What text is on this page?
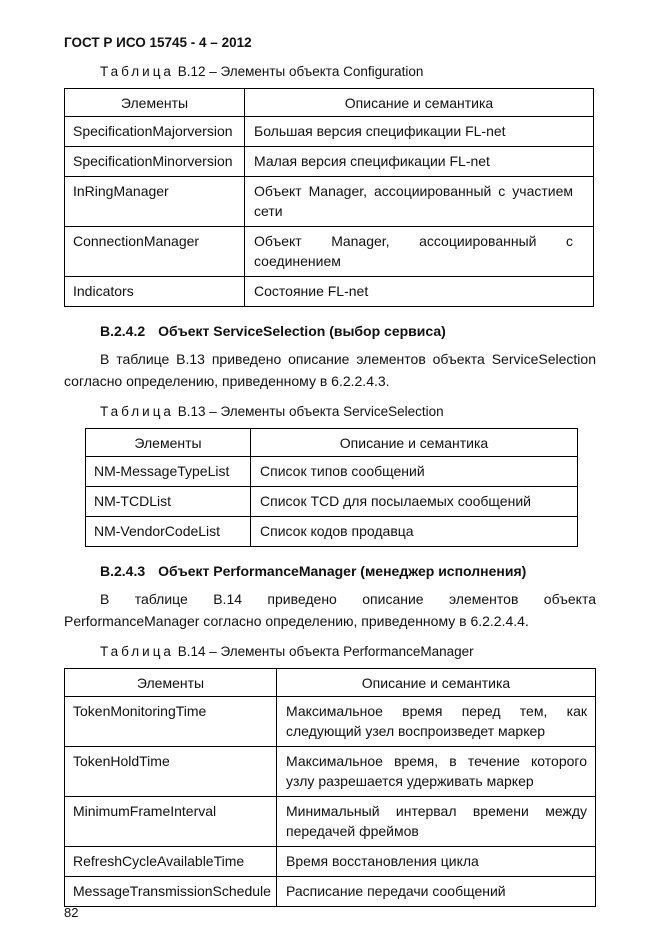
ГОСТ Р ИСО 15745 - 4 – 2012

Таблица В.12 – Элементы объекта Configuration

Элементы	Описание и семантика
SpecificationMajorversion	Большая версия спецификации FL-net
SpecificationMinorversion	Малая версия спецификации FL-net
InRingManager	Объект Manager, ассоциированный с участием сети
ConnectionManager	Объект Manager, ассоциированный с соединением
Indicators	Состояние FL-net
В.2.4.2 Объект ServiceSelection (выбор сервиса)

В таблице В.13 приведено описание элементов объекта ServiceSelection согласно определению, приведенному в 6.2.2.4.3.

Таблица В.13 – Элементы объекта ServiceSelection

Элементы	Описание и семантика
NM-MessageTypeList	Список типов сообщений
NM-TCDList	Список TCD для посылаемых сообщений
NM-VendorCodeList	Список кодов продавца
В.2.4.3 Объект PerformanceManager (менеджер исполнения)

В таблице В.14 приведено описание элементов объекта PerformanceManager согласно определению, приведенному в 6.2.2.4.4.

Таблица В.14 – Элементы объекта PerformanceManager

Элементы	Описание и семантика
TokenMonitoringTime	Максимальное время перед тем, как следующий узел воспроизведет маркер
TokenHoldTime	Максимальное время, в течение которого узлу разрешается удерживать маркер
MinimumFrameInterval	Минимальный интервал времени между передачей фреймов
RefreshCycleAvailableTime	Время восстановления цикла
MessageTransmissionSchedule	Расписание передачи сообщений
82
